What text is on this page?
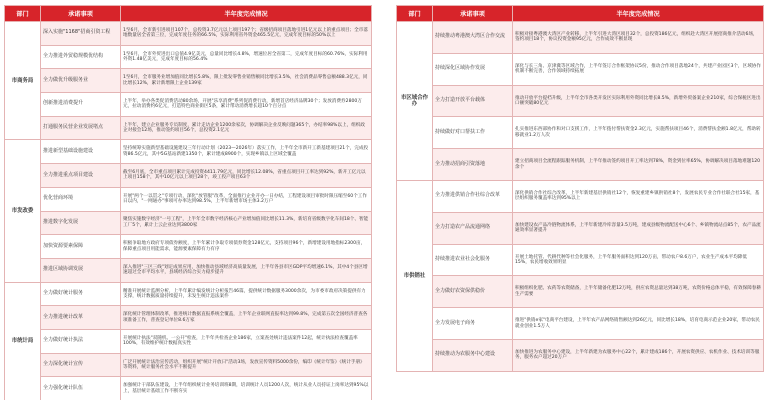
部门	承诺事项	半年度完成情况
市商务局	深入实施"1168"招商引资工程	1至6月，全市新引进项目107个，总投资3.7亿元以上项目197个；省级招商项目落地引进1亿元以上的重点项目；全市落地数量居全省第三位，完成年度任务的66.5%，实际利用省外资金465.5亿元，完成年度目标的50%以上
	全力推进外贸稳规模优结构	1至6月，全市外贸进出口总值4.9亿美元，总量同比增长4.8%，增速位居全省第二，完成年度目标的60.76%，实际利用外资1.48亿美元，完成年度目标的56.4%
	全力做优升级服务业	1至6月，全市服务业增加值同比增长5.8%，限上批发零售业销售额同比增长3.5%，社会消费品零售总额488.3亿元，同比增长12%，累计新增限上企业139家
	创新推进消费提升	上半年，举办各类促消费活动80余场，开展"乐享消费"系列促消费行动，新增首店经济品牌30个；发放消费券2800万元，拉动消费约6亿元，打造特色商业街区5条，累计带动消费增长超10个百分点
	打通服务民营企业发展堵点	上半年，建立企业服务专员制度，累计走访企业1200余家次，协调解决企业反映问题365个，办结率98%以上，组织政企对接会12场，推动签约项目56个，总投资2.1亿元
市发改委	推进新型基础设施建设	坚持统筹实施新型基础设施建设三年行动计划（2023—2026年）落实工作，上半年全市新开工新基建项目21个，完成投资86.5亿元，其中5G基站新建1350个，累计建成8900个，实现乡镇以上区域全覆盖
	全力推进重点项目建设	截至6月底，全市重点项目累计完成投资4411.79亿元，同比增长12.08%，省重点项目开工率达到92%，新开工亿元以上项目158个，其中10亿元以上项目28个，竣工投产项目63个
	优化营商环境	开展"两个一以贯之"专项行动，深化"放管服"改革，全面推行企业开办一日办结，工程建设项目审批时限压缩至60个工作日以内，"一网通办"事项可办率达到98.5%，上半年新增市场主体3.2万户
	推进数字化发展	聚焦实施数字经济"一号工程"，上半年全市数字经济核心产业增加值同比增长11.3%，新培育省级数字化车间18个、智能工厂5个，累计上云企业达到3800家
	加快资源要素保障	积极争取地方政府专项债券额度，上半年累计争取专项债券资金128亿元，支持项目96个，新增建设用地指标2300亩，保障重点项目用能需求，能源要素保障有力有序
	推进区域协调发展	深入推进"三区三线"划定成果应用，加快推动县域经济高质量发展，上半年各县市区GDP平均增速6.1%，其中4个县区增速超过全市平均水平，县域经济综合实力稳步提升
市统计局	全力做好统计服务	精准开展统计监测分析，上半年累计编发统计分析报告46篇，提供统计数据服务3000余次，为市委市政府决策提供有力支撑，统计数据质量持续提升，未发生统计违法案件
	全力推进统计改革	深化统计管理体制改革，推进统计数据直报系统全覆盖，上半年企业联网直报率达到99.8%，完成第五次全国经济普查各项准备工作，普查登记单位8.6万家
	全力做好统计执法	开展统计执法"双随机、一公开"检查，上半年共检查企业186家，立案查处统计违法案件12起，统计执法检查覆盖率100%，有效维护统计数据真实性
	全力深化统计宣传	广泛开展统计法治宣传活动，组织开展"统计开放日"活动3场，发放宣传资料5000余份，编印《统计年鉴》《统计手册》等资料，统计服务社会水平不断提升
	全力强化统计队伍	加强统计干部队伍建设，上半年组织统计业务培训班8期，培训统计人员1200人次，统计从业人员持证上岗率达到95%以上，基层统计基础工作不断夯实
部门	承诺事项	半年度完成情况
市区域合作办	持续推动粤港澳大湾区合作交流	积极对接粤港澳大湾区产业转移，上半年引进大湾区项目32个，总投资186亿元，组织赴大湾区开展招商推介活动6场，签约项目18个，协议投资金额95亿元，合作成效不断显现
	持续深化区域协作发展	深化与长三角、京津冀等区域合作，上半年签订合作框架协议5份，推动合作项目落地24个，共建产业园区3个，区域协作机制不断完善，合作领域持续拓展
	全力打造开放平台载体	推动开放平台提档升级，上半年全市各类开发区实际利用外资同比增长8.5%，新增外贸备案企业210家，综合保税区进出口额突破80亿元
	持续做好对口帮扶工作	扎实推进东西部协作和对口支援工作，上半年拨付帮扶资金2.3亿元，实施帮扶项目46个，消费帮扶金额1.8亿元，帮助转移就业1.2万人次
	全力推动招商引资落地	建立招商项目全流程跟踪服务机制，上半年推动签约项目开工率达到78%，资金到位率65%，协调解决项目落地难题120余个
市供销社	全力推进供销合作社综合改革	深化供销合作社综合改革，上半年新建基层供销社12个，恢复重建乡镇供销社8个，发展农民专业合作社联合社15家，基层组织服务覆盖率达到95%以上
	全力打造农产品流通网络	加快建设农产品冷链物流体系，上半年新建冷库容量3.5万吨，建成县级物流配送中心6个、乡镇物流站点85个，农产品流通效率显著提升
	持续推进农业社会化服务	开展土地托管、代耕代种等社会化服务，上半年服务面积达到120万亩，带动农户8.6万户，农业生产成本平均降低15%，农民增收效果明显
	全力做好农资保供稳价	积极组织化肥、农药等农资储备，上半年储备化肥12万吨，供应农资总量达到38万吨，农资价格总体平稳，有效保障春耕生产需要
	全力发展电子商务	推进"供销e家"电商平台建设，上半年农产品网络销售额达到26亿元，同比增长18%，培育电商示范企业20家，带动农民就业创业1.5万人
	持续推动为农服务中心建设	加快推进为农服务中心建设，上半年新建为农服务中心22个，累计建成186个，开展农资供应、农机作业、技术培训等服务，服务农户超过20万户
